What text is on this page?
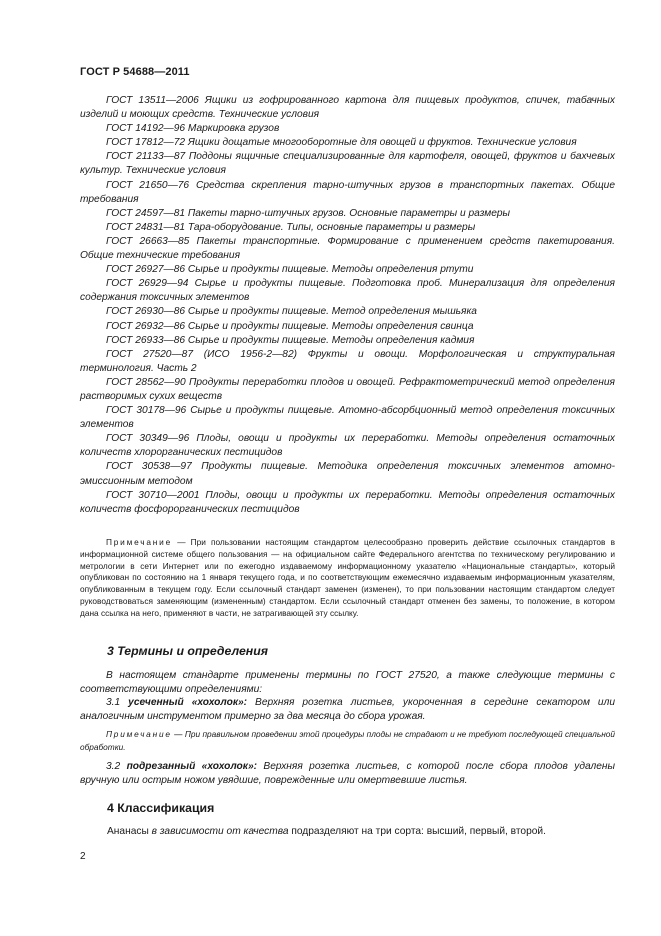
ГОСТ Р 54688—2011

ГОСТ 13511—2006 Ящики из гофрированного картона для пищевых продуктов, спичек, табачных изделий и моющих средств. Технические условия

ГОСТ 14192—96 Маркировка грузов

ГОСТ 17812—72 Ящики дощатые многооборотные для овощей и фруктов. Технические условия

ГОСТ 21133—87 Поддоны ящичные специализированные для картофеля, овощей, фруктов и бахчевых культур. Технические условия

ГОСТ 21650—76 Средства скрепления тарно-штучных грузов в транспортных пакетах. Общие требования

ГОСТ 24597—81 Пакеты тарно-штучных грузов. Основные параметры и размеры

ГОСТ 24831—81 Тара-оборудование. Типы, основные параметры и размеры

ГОСТ 26663—85 Пакеты транспортные. Формирование с применением средств пакетирования. Общие технические требования

ГОСТ 26927—86 Сырье и продукты пищевые. Методы определения ртути

ГОСТ 26929—94 Сырье и продукты пищевые. Подготовка проб. Минерализация для определения содержания токсичных элементов

ГОСТ 26930—86 Сырье и продукты пищевые. Метод определения мышьяка

ГОСТ 26932—86 Сырье и продукты пищевые. Методы определения свинца

ГОСТ 26933—86 Сырье и продукты пищевые. Методы определения кадмия

ГОСТ 27520—87 (ИСО 1956-2—82) Фрукты и овощи. Морфологическая и структуральная терминология. Часть 2

ГОСТ 28562—90 Продукты переработки плодов и овощей. Рефрактометрический метод определения растворимых сухих веществ

ГОСТ 30178—96 Сырье и продукты пищевые. Атомно-абсорбционный метод определения токсичных элементов

ГОСТ 30349—96 Плоды, овощи и продукты их переработки. Методы определения остаточных количеств хлорорганических пестицидов

ГОСТ 30538—97 Продукты пищевые. Методика определения токсичных элементов атомно-эмиссионным методом

ГОСТ 30710—2001 Плоды, овощи и продукты их переработки. Методы определения остаточных количеств фосфорорганических пестицидов

Примечание — При пользовании настоящим стандартом целесообразно проверить действие ссылочных стандартов в информационной системе общего пользования — на официальном сайте Федерального агентства по техническому регулированию и метрологии в сети Интернет или по ежегодно издаваемому информационному указателю «Национальные стандарты», который опубликован по состоянию на 1 января текущего года, и по соответствующим ежемесячно издаваемым информационным указателям, опубликованным в текущем году. Если ссылочный стандарт заменен (изменен), то при пользовании настоящим стандартом следует руководствоваться заменяющим (измененным) стандартом. Если ссылочный стандарт отменен без замены, то положение, в котором дана ссылка на него, применяют в части, не затрагивающей эту ссылку.

3 Термины и определения

В настоящем стандарте применены термины по ГОСТ 27520, а также следующие термины с соответствующими определениями:

3.1 усеченный «хохолок»: Верхняя розетка листьев, укороченная в середине секатором или аналогичным инструментом примерно за два месяца до сбора урожая.

Примечание — При правильном проведении этой процедуры плоды не страдают и не требуют последующей специальной обработки.

3.2 подрезанный «хохолок»: Верхняя розетка листьев, с которой после сбора плодов удалены вручную или острым ножом увядшие, поврежденные или омертвевшие листья.

4 Классификация
Ананасы в зависимости от качества подразделяют на три сорта: высший, первый, второй.
2
